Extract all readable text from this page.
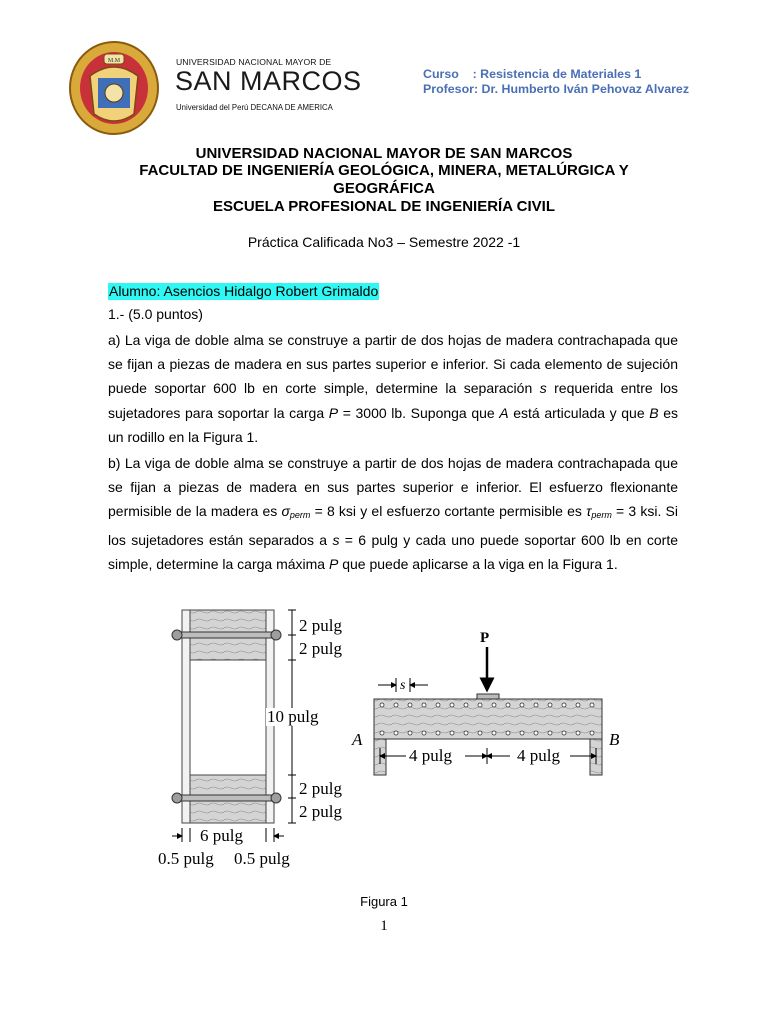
M.M	UNIVERSIDAD NACIONAL MAYOR DE
SAN MARCOS
Universidad del Perú DECANA DE AMERICA
Curso    : Resistencia de Materiales 1
Profesor: Dr. Humberto Iván Pehovaz Alvarez
UNIVERSIDAD NACIONAL MAYOR DE SAN MARCOS
FACULTAD DE INGENIERÍA GEOLÓGICA, MINERA, METALÚRGICA Y
GEOGRÁFICA
ESCUELA PROFESIONAL DE INGENIERÍA CIVIL
Práctica Calificada No3 – Semestre 2022 -1
Alumno: Asencios Hidalgo Robert Grimaldo
1.- (5.0 puntos)
a) La viga de doble alma se construye a partir de dos hojas de madera contrachapada que se fijan a piezas de madera en sus partes superior e inferior. Si cada elemento de sujeción puede soportar 600 lb en corte simple, determine la separación s requerida entre los sujetadores para soportar la carga P = 3000 lb. Suponga que A está articulada y que B es un rodillo en la Figura 1.
b) La viga de doble alma se construye a partir de dos hojas de madera contrachapada que se fijan a piezas de madera en sus partes superior e inferior. El esfuerzo flexionante permisible de la madera es $\sigma_{perm} = 8$ ksi y el esfuerzo cortante permisible es $\tau_{perm} = 3$ ksi. Si los sujetadores están separados a s = 6 pulg y cada uno puede soportar 600 lb en corte simple, determine la carga máxima P que puede aplicarse a la viga en la Figura 1.
2 pulg
2 pulg
10 pulg
2 pulg
2 pulg
6 pulg
0.5 pulg 0.5 pulg
P
s
A	B
4 pulg	4 pulg
Figura 1
1
